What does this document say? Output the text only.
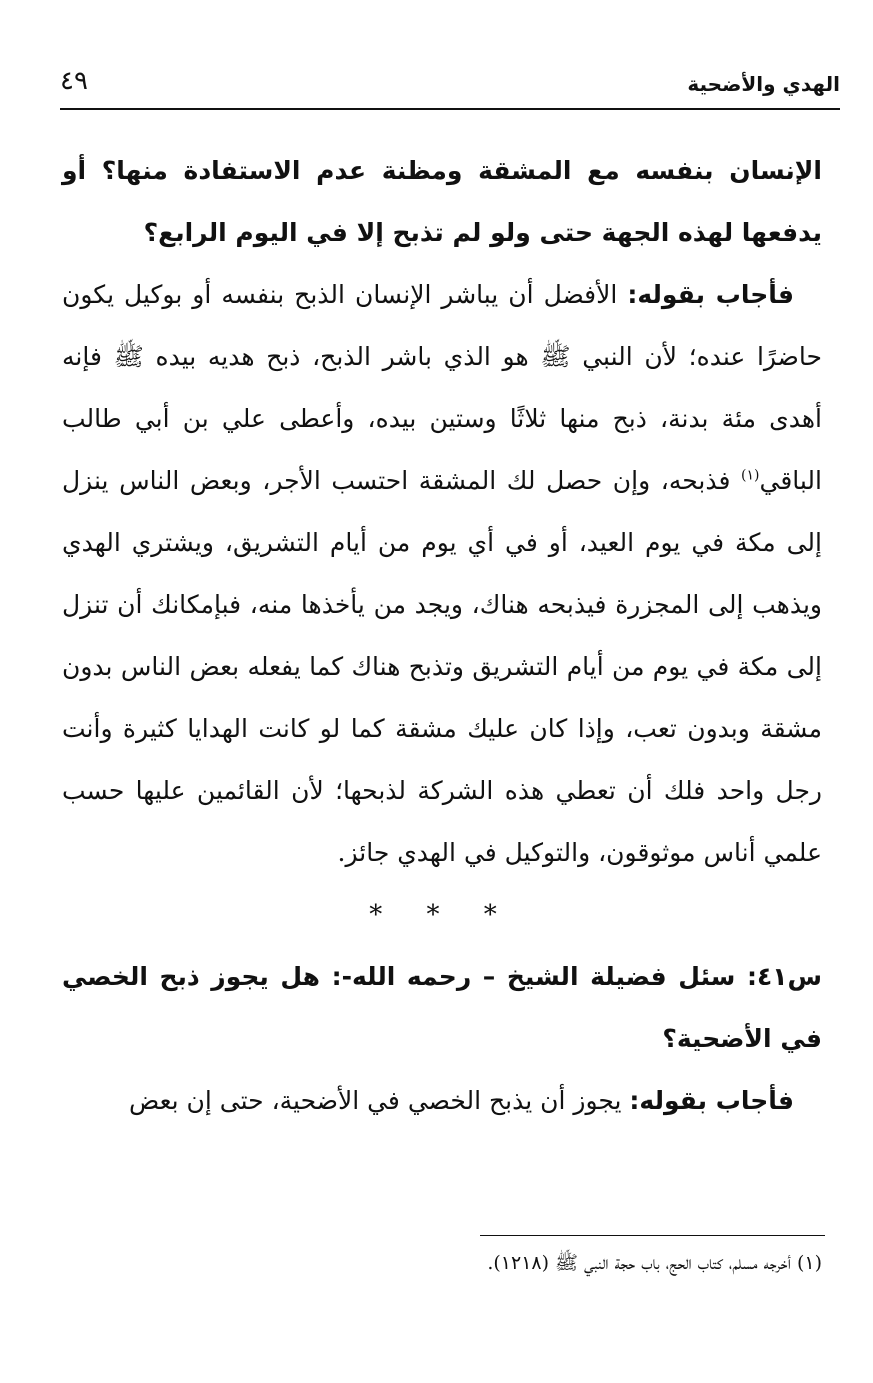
الهدي والأضحية
٤٩

الإنسان بنفسه مع المشقة ومظنة عدم الاستفادة منها؟ أو يدفعها لهذه الجهة حتى ولو لم تذبح إلا في اليوم الرابع؟

فأجاب بقوله: الأفضل أن يباشر الإنسان الذبح بنفسه أو بوكيل يكون حاضرًا عنده؛ لأن النبي ﷺ هو الذي باشر الذبح، ذبح هديه بيده ﷺ فإنه أهدى مئة بدنة، ذبح منها ثلاثًا وستين بيده، وأعطى علي بن أبي طالب الباقي$^{(١)}$ فذبحه، وإن حصل لك المشقة احتسب الأجر، وبعض الناس ينزل إلى مكة في يوم العيد، أو في أي يوم من أيام التشريق، ويشتري الهدي ويذهب إلى المجزرة فيذبحه هناك، ويجد من يأخذها منه، فبإمكانك أن تنزل إلى مكة في يوم من أيام التشريق وتذبح هناك كما يفعله بعض الناس بدون مشقة وبدون تعب، وإذا كان عليك مشقة كما لو كانت الهدايا كثيرة وأنت رجل واحد فلك أن تعطي هذه الشركة لذبحها؛ لأن القائمين عليها حسب علمي أناس موثوقون، والتوكيل في الهدي جائز.

* * *

س٤١: سئل فضيلة الشيخ – رحمه الله-: هل يجوز ذبح الخصي في الأضحية؟

فأجاب بقوله: يجوز أن يذبح الخصي في الأضحية، حتى إن بعض

(١) أخرجه مسلم، كتاب الحج، باب حجة النبي ﷺ (١٢١٨).
